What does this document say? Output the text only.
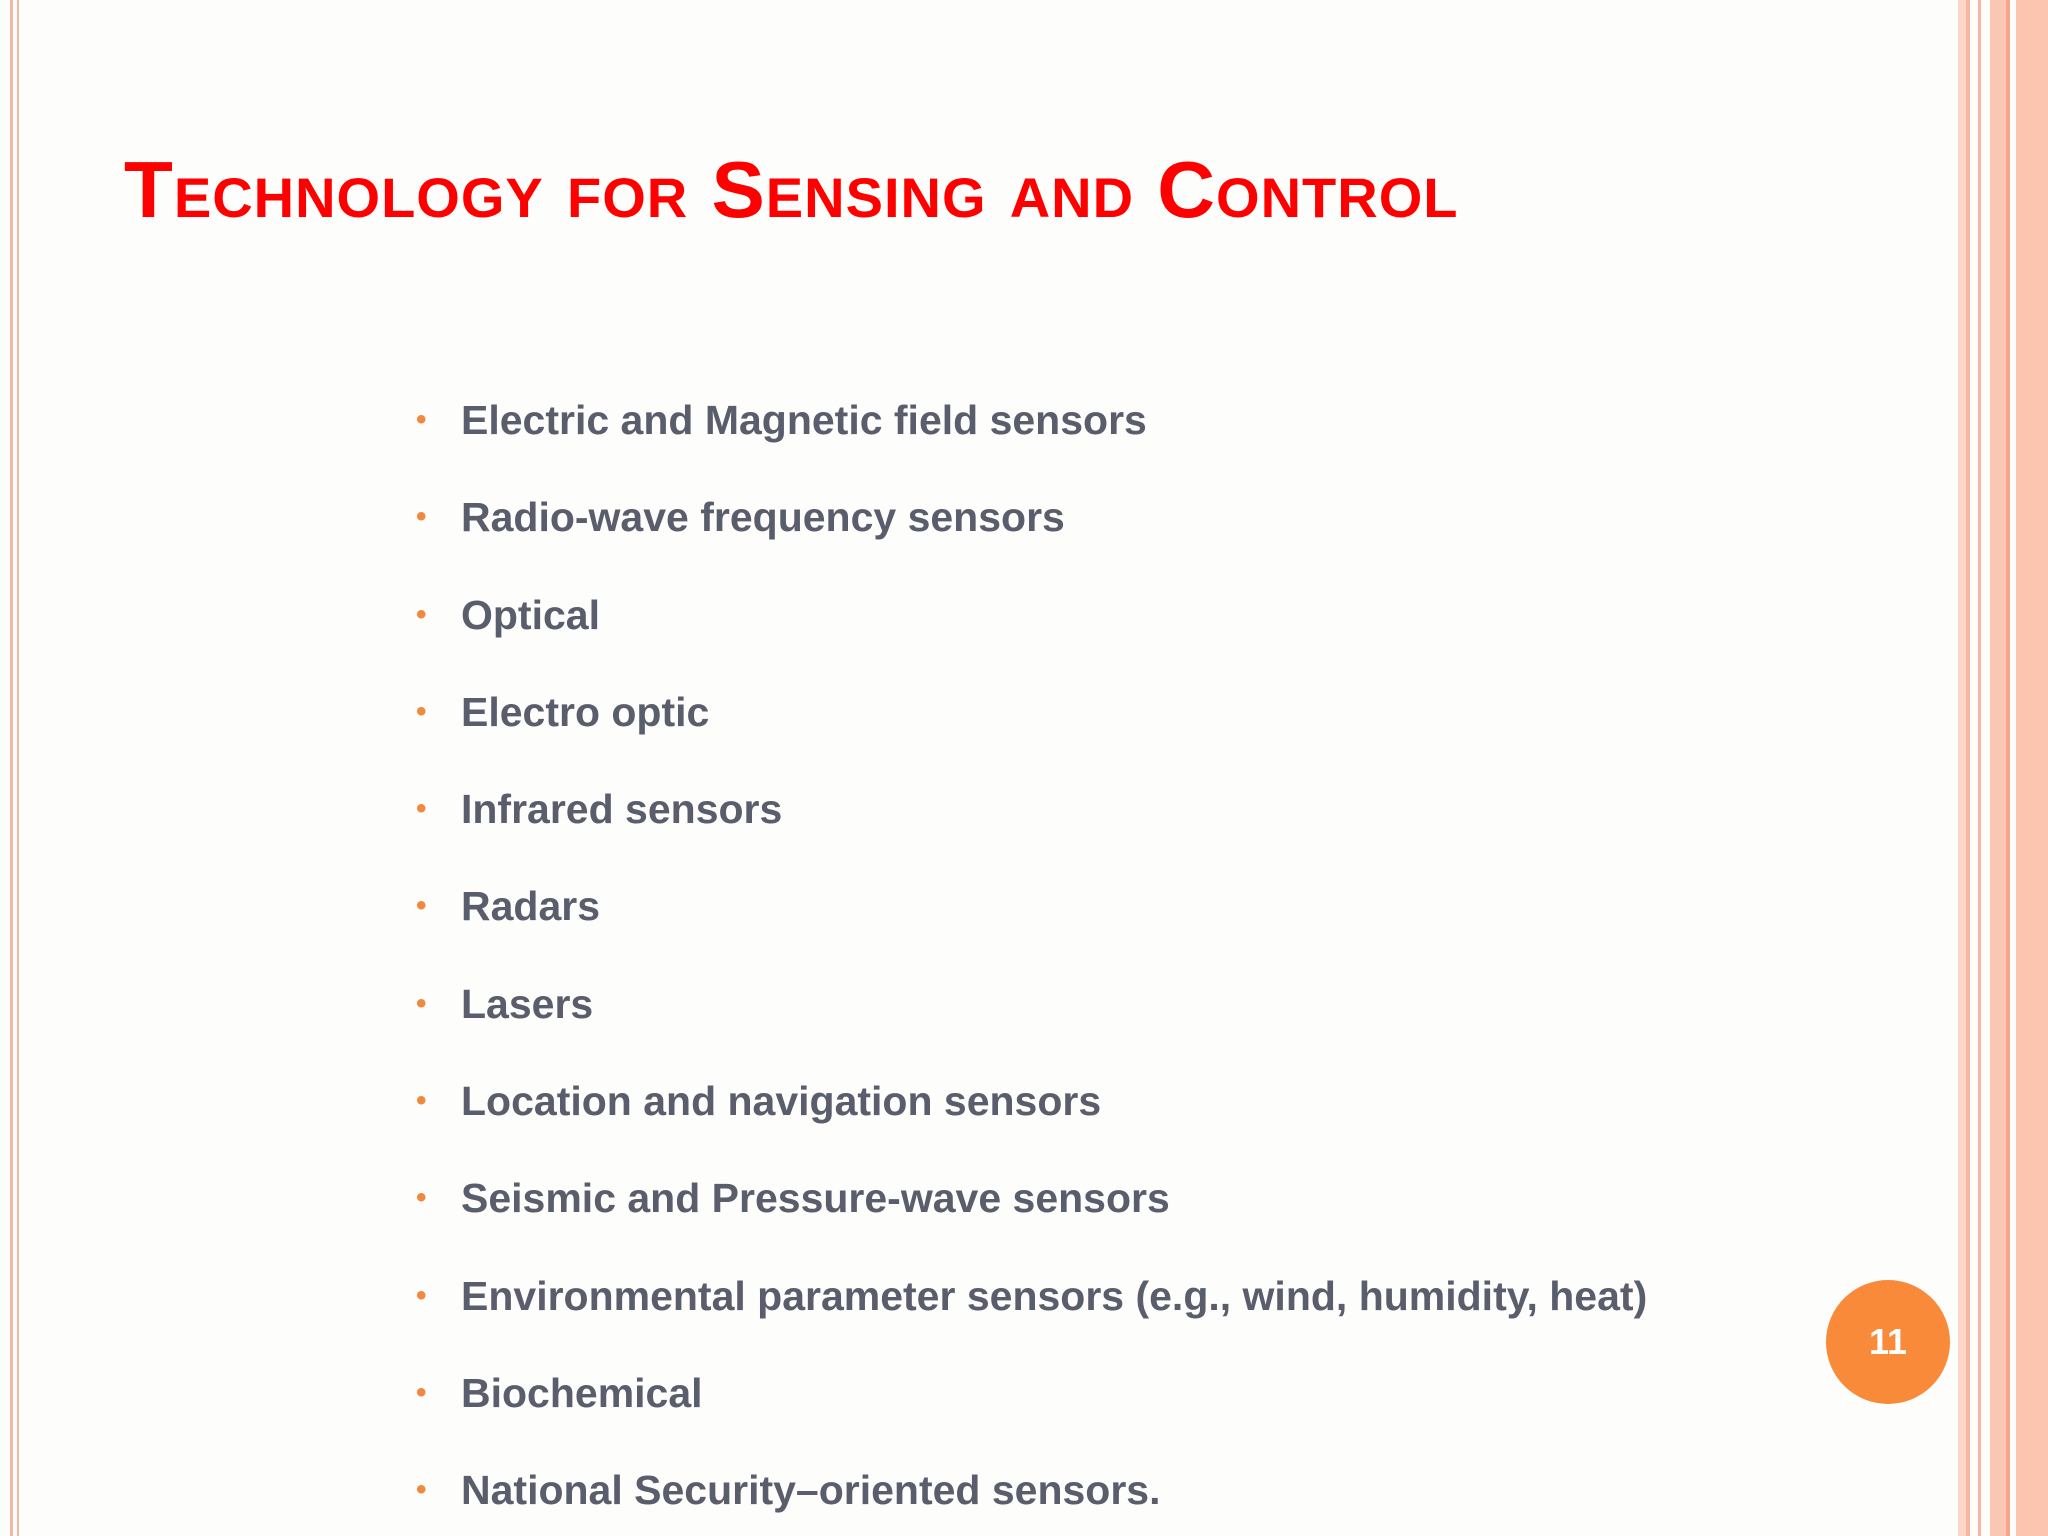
Technology for Sensing and Control
• Electric and Magnetic field sensors
• Radio-wave frequency sensors
• Optical
• Electro optic
• Infrared sensors
• Radars
• Lasers
• Location and navigation sensors
• Seismic and Pressure-wave sensors
• Environmental parameter sensors (e.g., wind, humidity, heat)
• Biochemical
• National Security–oriented sensors.
11
